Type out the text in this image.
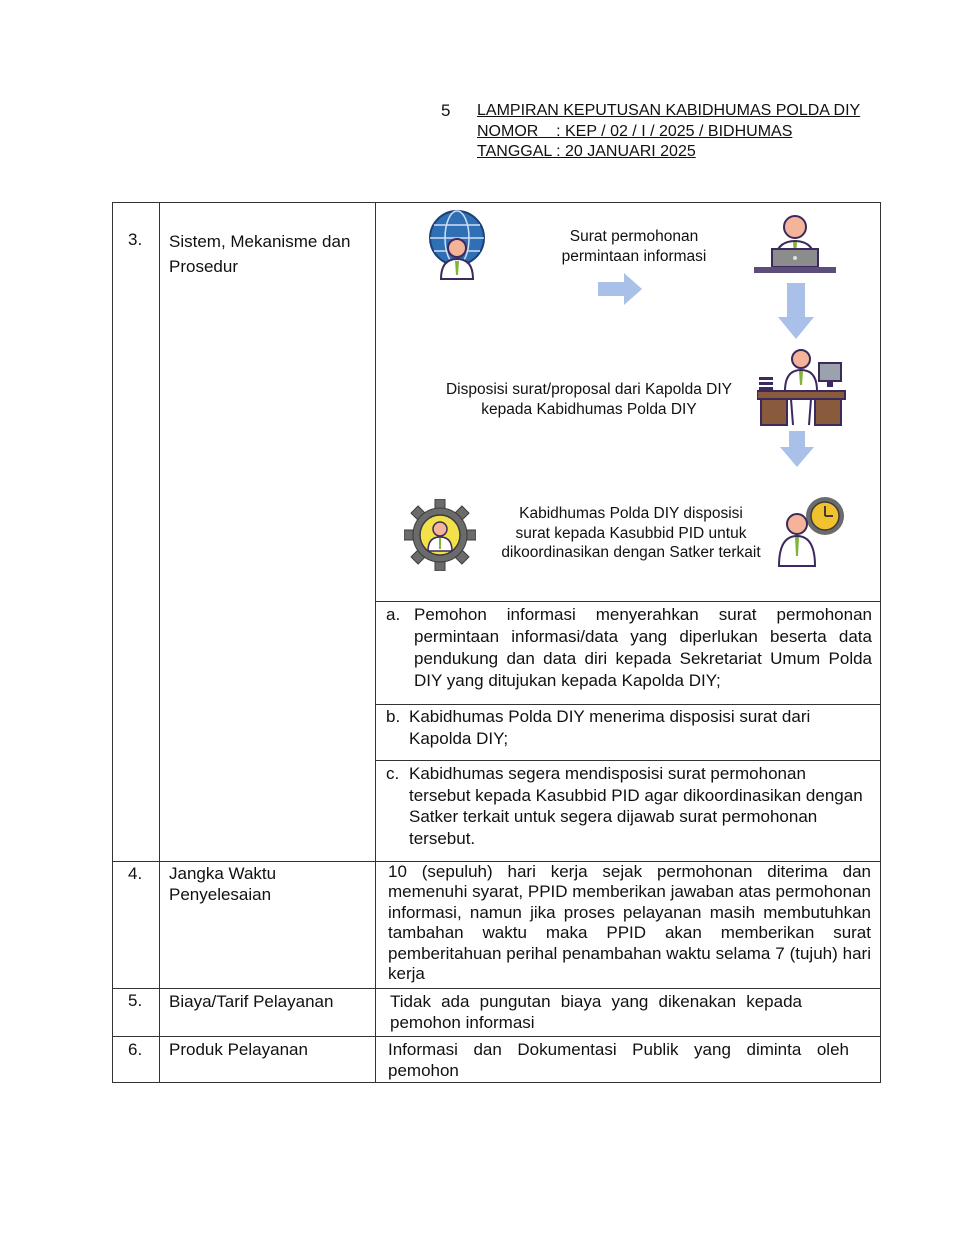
5 LAMPIRAN KEPUTUSAN KABIDHUMAS POLDA DIY
NOMOR    : KEP / 02 / I / 2025 / BIDHUMAS
TANGGAL : 20 JANUARI 2025
3. Sistem, Mekanisme dan
Prosedur
Surat permohonan
permintaan informasi
Disposisi surat/proposal dari Kapolda DIY
kepada Kabidhumas Polda DIY
Kabidhumas Polda DIY disposisi
surat kepada Kasubbid PID untuk
dikoordinasikan dengan Satker terkait
a. Pemohon informasi menyerahkan surat permohonan permintaan informasi/data yang diperlukan beserta data pendukung dan data diri kepada Sekretariat Umum Polda DIY yang ditujukan kepada Kapolda DIY;
b. Kabidhumas Polda DIY menerima disposisi surat dari Kapolda DIY;
c. Kabidhumas segera mendisposisi surat permohonan tersebut kepada Kasubbid PID agar dikoordinasikan dengan Satker terkait untuk segera dijawab surat permohonan tersebut.
4. Jangka Waktu
Penyelesaian
10 (sepuluh) hari kerja sejak permohonan diterima dan memenuhi syarat, PPID memberikan jawaban atas permohonan informasi, namun jika proses pelayanan masih membutuhkan tambahan waktu maka PPID akan memberikan surat pemberitahuan perihal penambahan waktu selama 7 (tujuh) hari kerja
5. Biaya/Tarif Pelayanan	Tidak ada pungutan biaya yang dikenakan kepada pemohon informasi
6. Produk Pelayanan	Informasi dan Dokumentasi Publik yang diminta oleh pemohon
